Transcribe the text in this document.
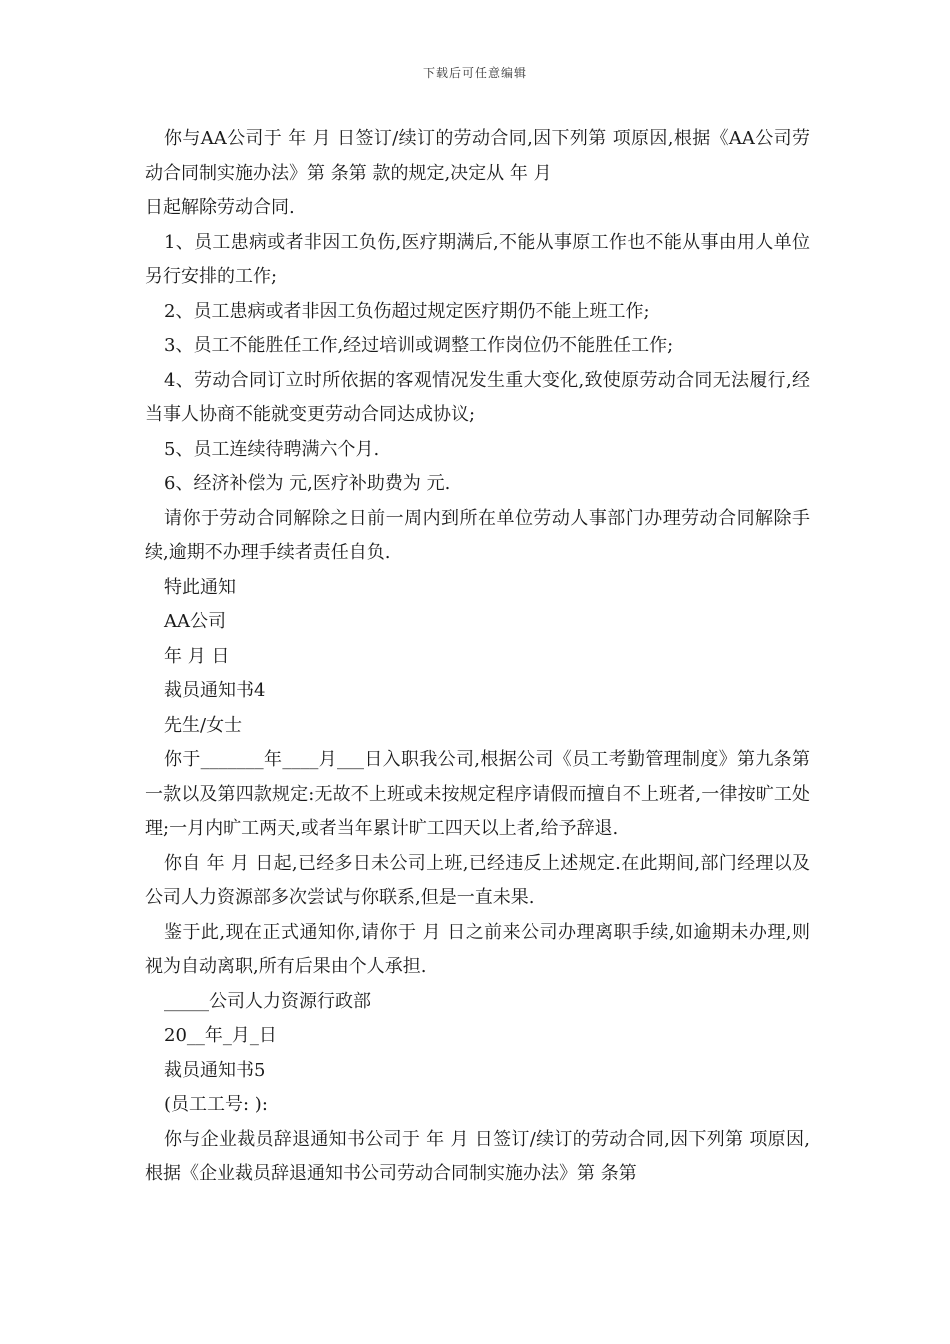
下载后可任意编辑

你与AA公司于 年 月 日签订/续订的劳动合同,因下列第 项原因,根据《AA公司劳动合同制实施办法》第 条第 款的规定,决定从 年 月

日起解除劳动合同.

1、员工患病或者非因工负伤,医疗期满后,不能从事原工作也不能从事由用人单位另行安排的工作;

2、员工患病或者非因工负伤超过规定医疗期仍不能上班工作;

3、员工不能胜任工作,经过培训或调整工作岗位仍不能胜任工作;

4、劳动合同订立时所依据的客观情况发生重大变化,致使原劳动合同无法履行,经当事人协商不能就变更劳动合同达成协议;

5、员工连续待聘满六个月.

6、经济补偿为 元,医疗补助费为 元.

请你于劳动合同解除之日前一周内到所在单位劳动人事部门办理劳动合同解除手续,逾期不办理手续者责任自负.

特此通知

AA公司

年 月 日

裁员通知书4

先生/女士

你于_______年____月___日入职我公司,根据公司《员工考勤管理制度》第九条第一款以及第四款规定:无故不上班或未按规定程序请假而擅自不上班者,一律按旷工处理;一月内旷工两天,或者当年累计旷工四天以上者,给予辞退.

你自 年 月 日起,已经多日未公司上班,已经违反上述规定.在此期间,部门经理以及公司人力资源部多次尝试与你联系,但是一直未果.

鉴于此,现在正式通知你,请你于 月 日之前来公司办理离职手续,如逾期未办理,则视为自动离职,所有后果由个人承担.

_____公司人力资源行政部

20__年_月_日

裁员通知书5

(员工工号: ):

你与企业裁员辞退通知书公司于 年 月 日签订/续订的劳动合同,因下列第 项原因,根据《企业裁员辞退通知书公司劳动合同制实施办法》第 条第
